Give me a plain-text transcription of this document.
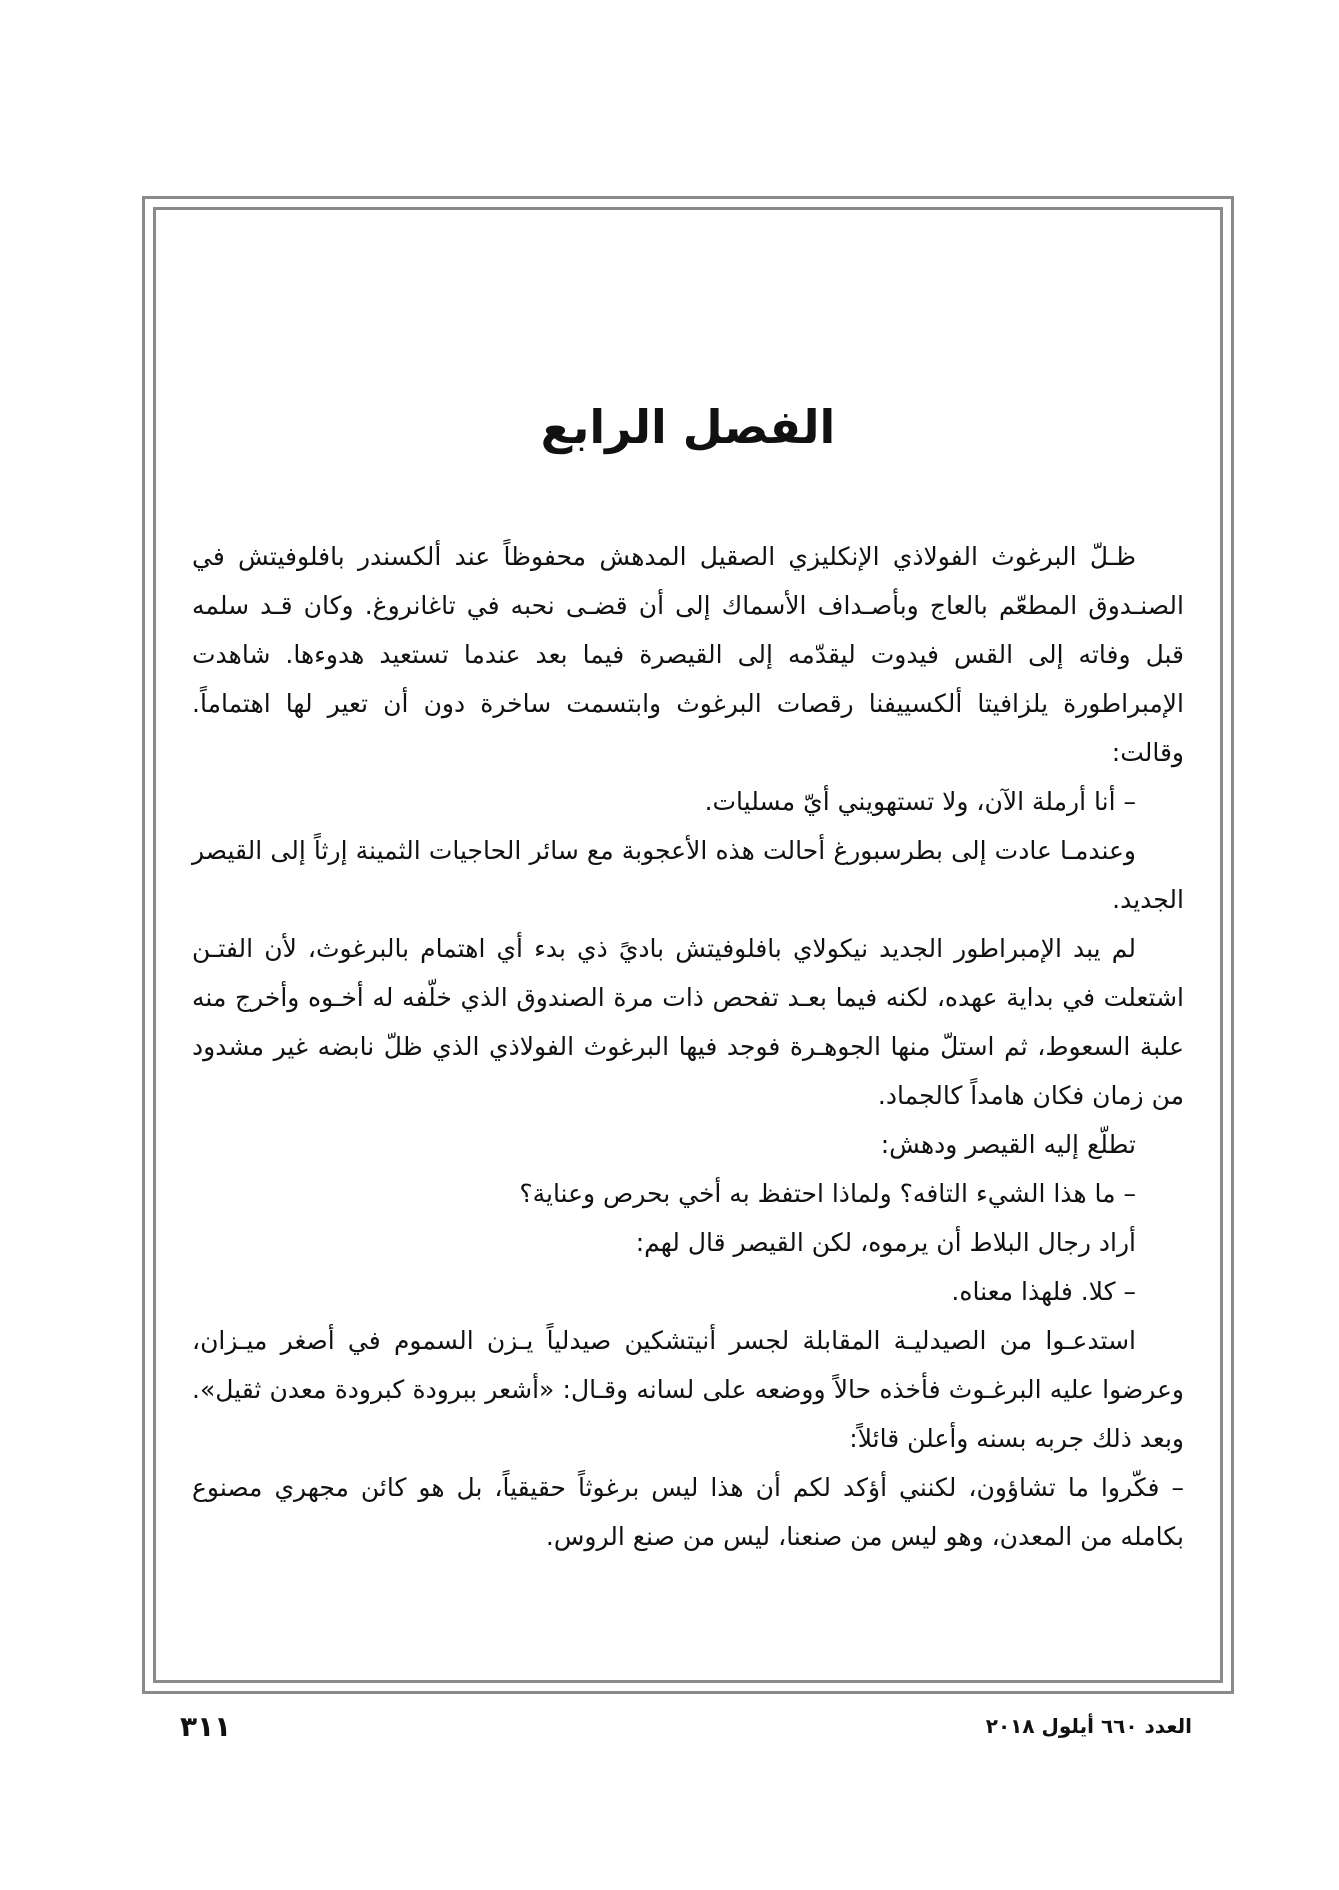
الفصل الرابع

ظـلّ البرغوث الفولاذي الإنكليزي الصقيل المدهش محفوظاً عند ألكسندر بافلوفيتش في الصنـدوق المطعّم بالعاج وبأصـداف الأسماك إلى أن قضـى نحبه في تاغانروغ. وكان قـد سلمه قبل وفاته إلى القس فيدوت ليقدّمه إلى القيصرة فيما بعد عندما تستعيد هدوءها. شاهدت الإمبراطورة يلزافيتا ألكسييفنا رقصات البرغوث وابتسمت ساخرة دون أن تعير لها اهتماماً. وقالت:

– أنا أرملة الآن، ولا تستهويني أيّ مسليات.

وعندمـا عادت إلى بطرسبورغ أحالت هذه الأعجوبة مع سائر الحاجيات الثمينة إرثاً إلى القيصر الجديد.

لم يبد الإمبراطور الجديد نيكولاي بافلوفيتش باديً ذي بدء أي اهتمام بالبرغوث، لأن الفتـن اشتعلت في بداية عهده، لكنه فيما بعـد تفحص ذات مرة الصندوق الذي خلّفه له أخـوه وأخرج منه علبة السعوط، ثم استلّ منها الجوهـرة فوجد فيها البرغوث الفولاذي الذي ظلّ نابضه غير مشدود من زمان فكان هامداً كالجماد.

تطلّع إليه القيصر ودهش:

– ما هذا الشيء التافه؟ ولماذا احتفظ به أخي بحرص وعناية؟

أراد رجال البلاط أن يرموه، لكن القيصر قال لهم:

– كلا. فلهذا معناه.

استدعـوا من الصيدليـة المقابلة لجسر أنيتشكين صيدلياً يـزن السموم في أصغر ميـزان، وعرضوا عليه البرغـوث فأخذه حالاً ووضعه على لسانه وقـال: «أشعر ببرودة كبرودة معدن ثقيل». وبعد ذلك جربه بسنه وأعلن قائلاً:

– فكّروا ما تشاؤون، لكنني أؤكد لكم أن هذا ليس برغوثاً حقيقياً، بل هو كائن مجهري مصنوع بكامله من المعدن، وهو ليس من صنعنا، ليس من صنع الروس.

٣١١	العدد ٦٦٠ أيلول ٢٠١٨
